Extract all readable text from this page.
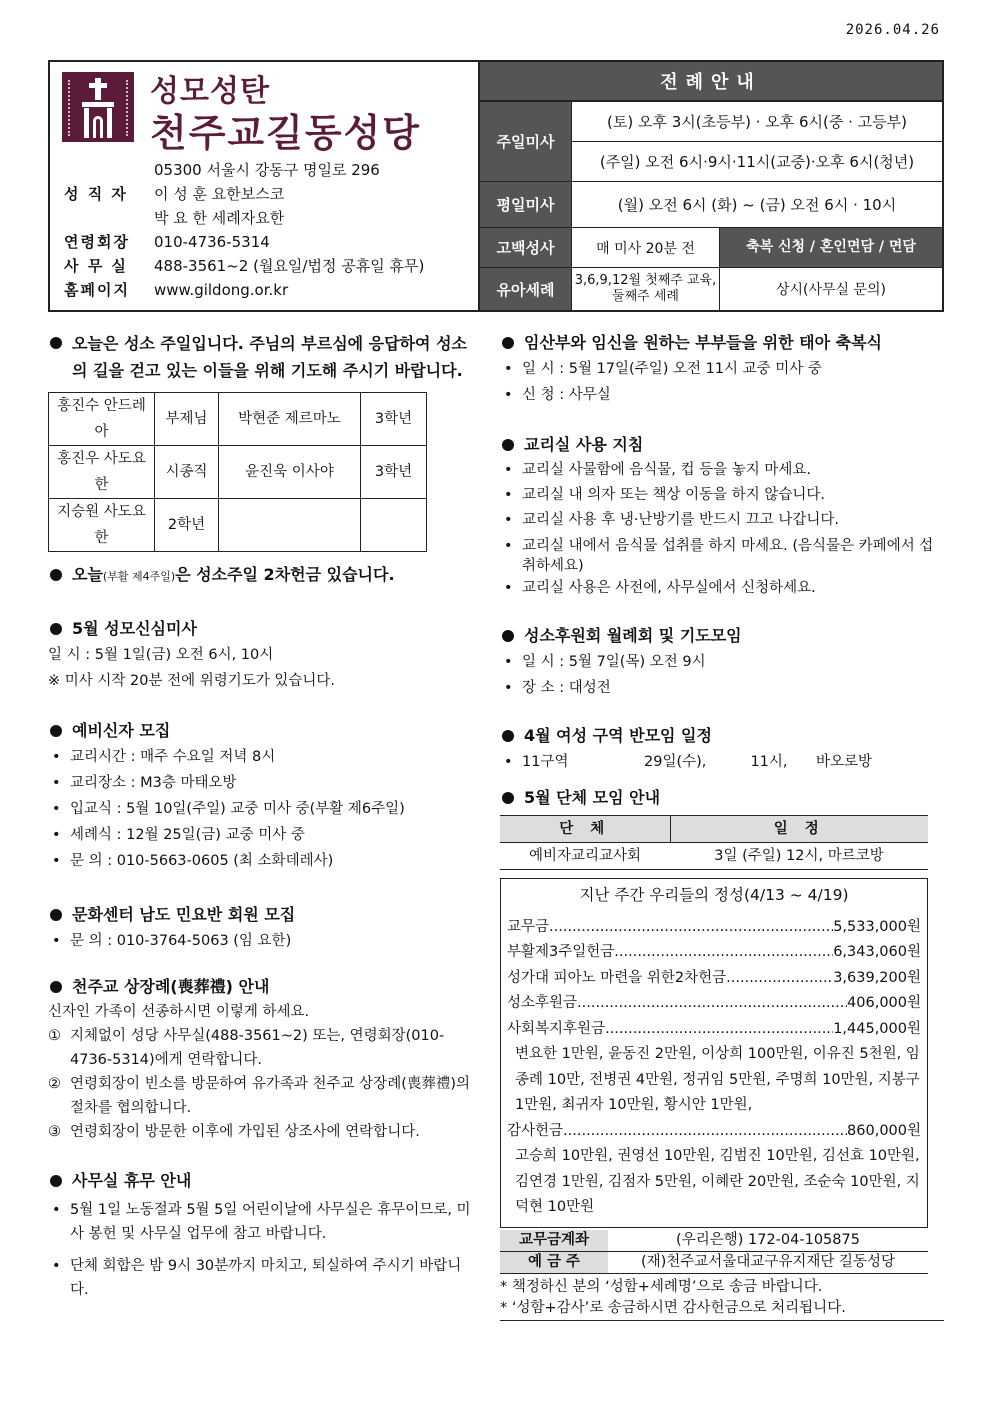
2026.04.26
성모성탄
천주교길동성당
05300 서울시 강동구 명일로 296
성 직 자	이 성 훈 요한보스코
박 요 한 세례자요한
연령회장	010-4736-5314
사 무 실	488-3561~2 (월요일/법정 공휴일 휴무)
홈페이지	www.gildong.or.kr
전례안내
주일미사
(토) 오후 3시(초등부) · 오후 6시(중 · 고등부)
(주일) 오전 6시·9시·11시(교중)·오후 6시(청년)
평일미사	(월) 오전 6시 (화) ~ (금) 오전 6시 · 10시
고백성사	매 미사 20분 전	축복 신청 / 혼인면담 / 면담
유아세례	3,6,9,12월 첫째주 교육, 둘째주 세례	상시(사무실 문의)
오늘은 성소 주일입니다. 주님의 부르심에 응답하여 성소의 길을 걷고 있는 이들을 위해 기도해 주시기 바랍니다.
홍진수 안드레아	부제님	박현준 제르마노	3학년
홍진우 사도요한	시종직	윤진욱 이사야	3학년
지승원 사도요한	2학년		
오늘(부활 제4주일)은 성소주일 2차헌금 있습니다.
5월 성모신심미사
일 시 : 5월 1일(금) 오전 6시, 10시
※ 미사 시작 20분 전에 위령기도가 있습니다.
예비신자 모집
• 교리시간 : 매주 수요일 저녁 8시
• 교리장소 : M3층 마태오방
• 입교식 : 5월 10일(주일) 교중 미사 중(부활 제6주일)
• 세례식 : 12월 25일(금) 교중 미사 중
• 문 의 : 010-5663-0605 (최 소화데레사)
문화센터 남도 민요반 회원 모집
• 문 의 : 010-3764-5063 (임 요한)
천주교 상장례(喪葬禮) 안내
신자인 가족이 선종하시면 이렇게 하세요.
① 지체없이 성당 사무실(488-3561~2) 또는, 연령회장(010-4736-5314)에게 연락합니다.
② 연령회장이 빈소를 방문하여 유가족과 천주교 상장례(喪葬禮)의 절차를 협의합니다.
③ 연령회장이 방문한 이후에 가입된 상조사에 연락합니다.
사무실 휴무 안내
• 5월 1일 노동절과 5월 5일 어린이날에 사무실은 휴무이므로, 미사 봉헌 및 사무실 업무에 참고 바랍니다.
• 단체 회합은 밤 9시 30분까지 마치고, 퇴실하여 주시기 바랍니다.
임산부와 임신을 원하는 부부들을 위한 태아 축복식
• 일 시 : 5월 17일(주일) 오전 11시 교중 미사 중
• 신 청 : 사무실
교리실 사용 지침
• 교리실 사물함에 음식물, 컵 등을 놓지 마세요.
• 교리실 내 의자 또는 책상 이동을 하지 않습니다.
• 교리실 사용 후 냉·난방기를 반드시 끄고 나갑니다.
• 교리실 내에서 음식물 섭취를 하지 마세요. (음식물은 카페에서 섭취하세요)
• 교리실 사용은 사전에, 사무실에서 신청하세요.
성소후원회 월례회 및 기도모임
• 일 시 : 5월 7일(목) 오전 9시
• 장 소 : 대성전
4월 여성 구역 반모임 일정
• 11구역	29일(수),	11시,	바오로방
5월 단체 모임 안내
단 체	일 정
예비자교리교사회	3일 (주일) 12시, 마르코방
지난 주간 우리들의 정성(4/13 ~ 4/19)
교무금 .....	5,533,000원
부활제3주일헌금 .....	6,343,060원
성가대 피아노 마련을 위한2차헌금 .....	3,639,200원
성소후원금 .....	406,000원
사회복지후원금 .....	1,445,000원
변요한 1만원, 윤동진 2만원, 이상희 100만원, 이유진 5천원, 임종례 10만, 전병권 4만원, 정귀임 5만원, 주명희 10만원, 지봉구 1만원, 최귀자 10만원, 황시안 1만원,
감사헌금 .....	860,000원
고승희 10만원, 권영선 10만원, 김범진 10만원, 김선효 10만원, 김연경 1만원, 김점자 5만원, 이혜란 20만원, 조순숙 10만원, 지덕현 10만원
교무금계좌	(우리은행) 172-04-105875
예 금 주	(재)천주교서울대교구유지재단 길동성당
* 책정하신 분의 ‘성함+세례명’으로 송금 바랍니다.
* ‘성함+감사’로 송금하시면 감사헌금으로 처리됩니다.
